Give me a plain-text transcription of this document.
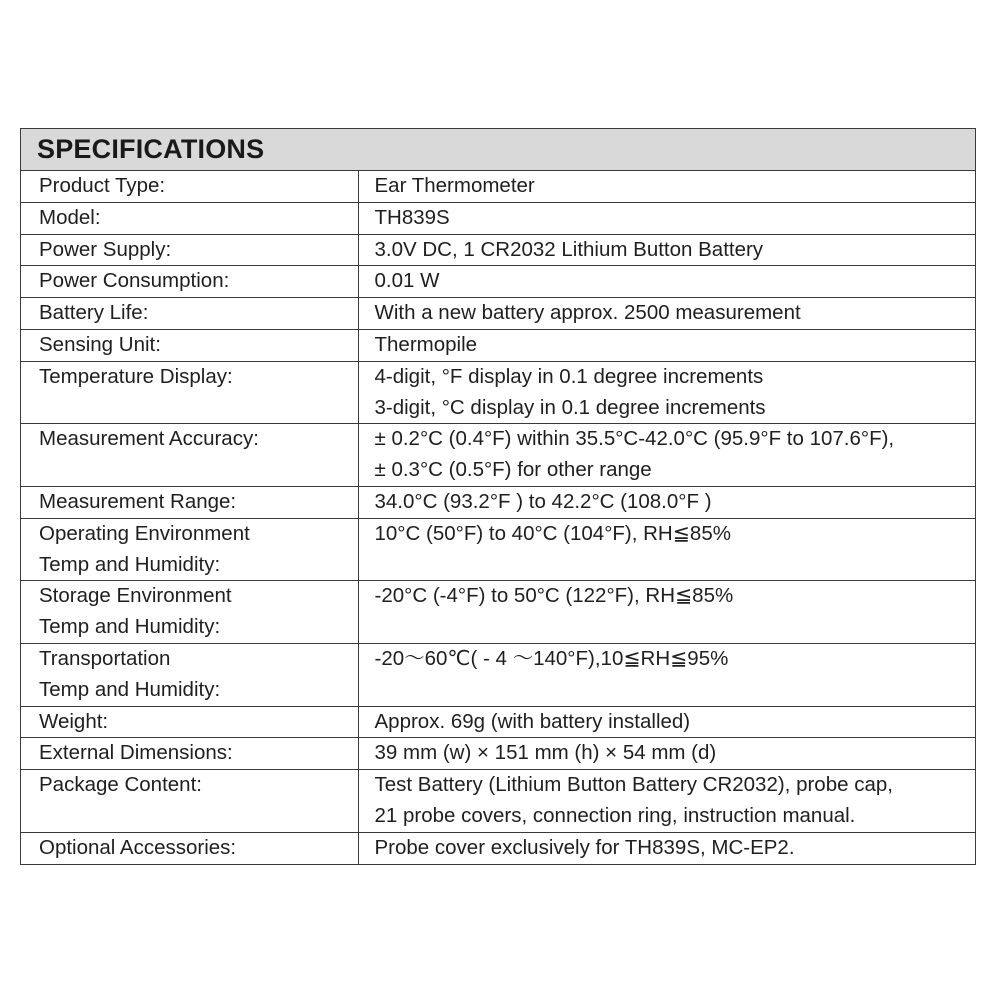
SPECIFICATIONS
Product Type:	Ear Thermometer

Model:	TH839S

Power Supply:	3.0V DC, 1 CR2032 Lithium Button Battery

Power Consumption:	0.01 W

Battery Life:	With a new battery approx. 2500 measurement

Sensing Unit:	Thermopile

Temperature Display:	4-digit, °F display in 0.1 degree increments
3-digit, °C display in 0.1 degree increments

Measurement Accuracy:	± 0.2°C (0.4°F) within 35.5°C-42.0°C (95.9°F to 107.6°F),
± 0.3°C (0.5°F) for other range

Measurement Range:	34.0°C (93.2°F ) to 42.2°C (108.0°F )

Operating Environment
Temp and Humidity:	10°C (50°F) to 40°C (104°F), RH≦85%

Storage Environment
Temp and Humidity:	-20°C (-4°F) to 50°C (122°F), RH≦85%

Transportation
Temp and Humidity:	-20～60℃( - 4 ～140°F),10≦RH≦95%

Weight:	Approx. 69g (with battery installed)

External Dimensions:	39 mm (w) × 151 mm (h) × 54 mm (d)

Package Content:	Test Battery (Lithium Button Battery CR2032), probe cap,
21 probe covers, connection ring, instruction manual.

Optional Accessories:	Probe cover exclusively for TH839S, MC-EP2.
